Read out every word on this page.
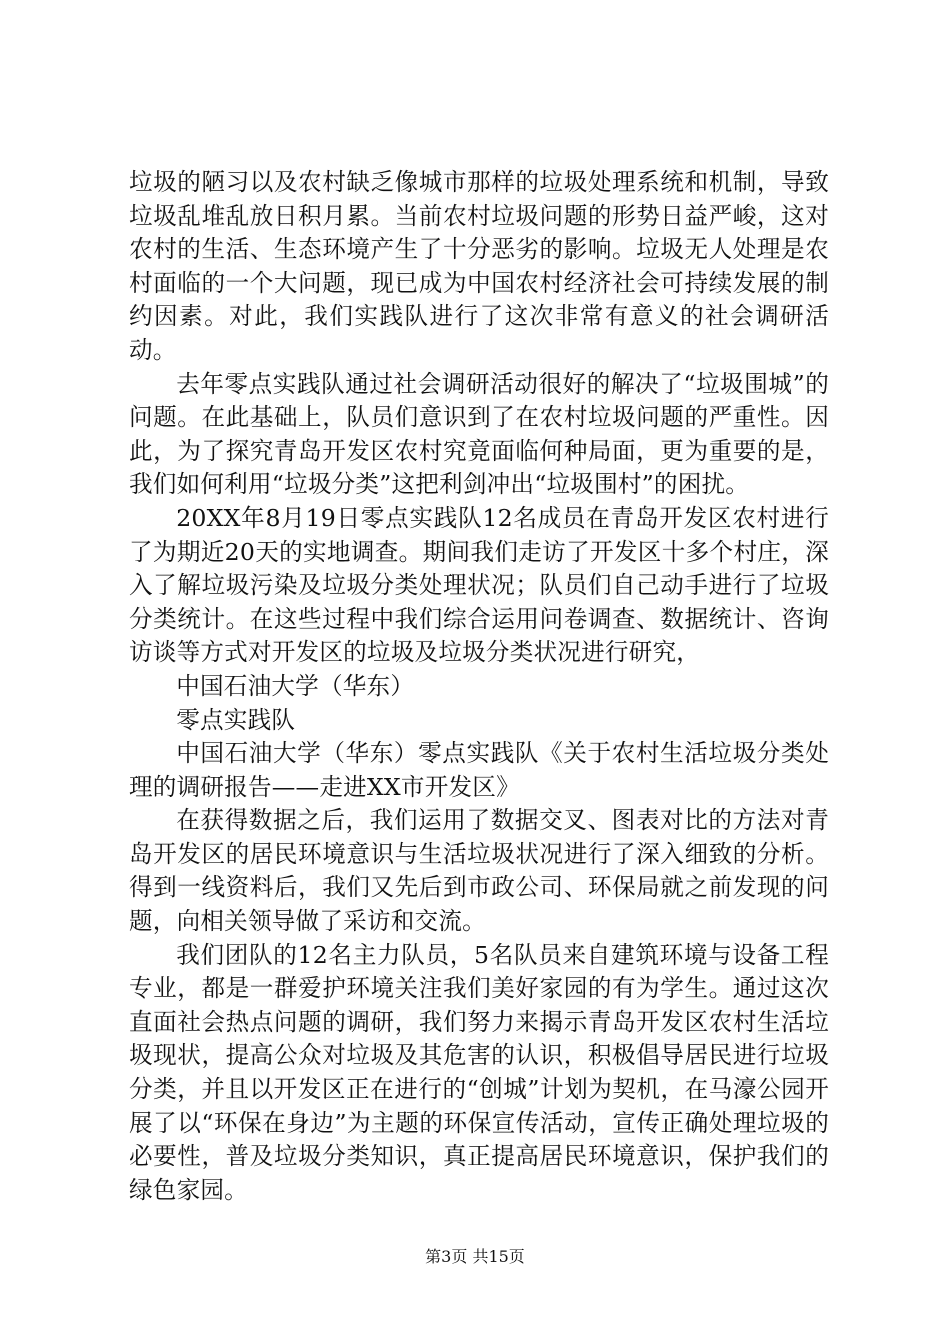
垃圾的陋习以及农村缺乏像城市那样的垃圾处理系统和机制，导致垃圾乱堆乱放日积月累。当前农村垃圾问题的形势日益严峻，这对农村的生活、生态环境产生了十分恶劣的影响。垃圾无人处理是农村面临的一个大问题，现已成为中国农村经济社会可持续发展的制约因素。对此，我们实践队进行了这次非常有意义的社会调研活动。

去年零点实践队通过社会调研活动很好的解决了“垃圾围城”的问题。在此基础上，队员们意识到了在农村垃圾问题的严重性。因此，为了探究青岛开发区农村究竟面临何种局面，更为重要的是，我们如何利用“垃圾分类”这把利剑冲出“垃圾围村”的困扰。

20XX年8月19日零点实践队12名成员在青岛开发区农村进行了为期近20天的实地调查。期间我们走访了开发区十多个村庄，深入了解垃圾污染及垃圾分类处理状况；队员们自己动手进行了垃圾分类统计。在这些过程中我们综合运用问卷调查、数据统计、咨询访谈等方式对开发区的垃圾及垃圾分类状况进行研究，

中国石油大学（华东）

零点实践队

中国石油大学（华东）零点实践队《关于农村生活垃圾分类处理的调研报告——走进XX市开发区》

在获得数据之后，我们运用了数据交叉、图表对比的方法对青岛开发区的居民环境意识与生活垃圾状况进行了深入细致的分析。得到一线资料后，我们又先后到市政公司、环保局就之前发现的问题，向相关领导做了采访和交流。

我们团队的12名主力队员，5名队员来自建筑环境与设备工程专业，都是一群爱护环境关注我们美好家园的有为学生。通过这次直面社会热点问题的调研，我们努力来揭示青岛开发区农村生活垃圾现状，提高公众对垃圾及其危害的认识，积极倡导居民进行垃圾分类，并且以开发区正在进行的“创城”计划为契机，在马濠公园开展了以“环保在身边”为主题的环保宣传活动，宣传正确处理垃圾的必要性，普及垃圾分类知识，真正提高居民环境意识，保护我们的绿色家园。

第3页 共15页
